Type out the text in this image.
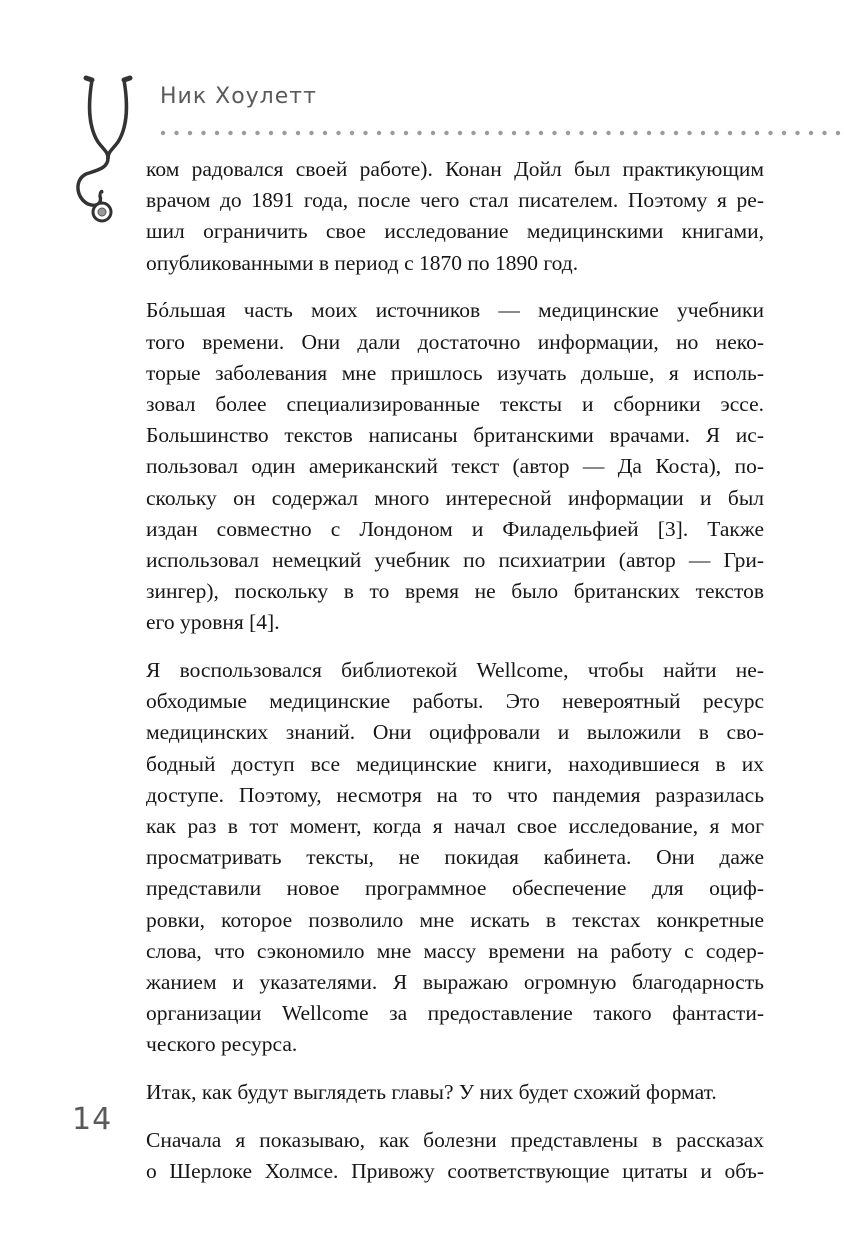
Ник Хоулетт

ком радовался своей работе). Конан Дойл был практикующим
врачом до 1891 года, после чего стал писателем. Поэтому я ре-
шил ограничить свое исследование медицинскими книгами,
опубликованными в период с 1870 по 1890 год.

Бóльшая часть моих источников — медицинские учебники
того времени. Они дали достаточно информации, но неко-
торые заболевания мне пришлось изучать дольше, я исполь-
зовал более специализированные тексты и сборники эссе.
Большинство текстов написаны британскими врачами. Я ис-
пользовал один американский текст (автор — Да Коста), по-
скольку он содержал много интересной информации и был
издан совместно с Лондоном и Филадельфией [3]. Также
использовал немецкий учебник по психиатрии (автор — Гри-
зингер), поскольку в то время не было британских текстов
его уровня [4].

Я воспользовался библиотекой Wellcome, чтобы найти не-
обходимые медицинские работы. Это невероятный ресурс
медицинских знаний. Они оцифровали и выложили в сво-
бодный доступ все медицинские книги, находившиеся в их
доступе. Поэтому, несмотря на то что пандемия разразилась
как раз в тот момент, когда я начал свое исследование, я мог
просматривать тексты, не покидая кабинета. Они даже
представили новое программное обеспечение для оциф-
ровки, которое позволило мне искать в текстах конкретные
слова, что сэкономило мне массу времени на работу с содер-
жанием и указателями. Я выражаю огромную благодарность
организации Wellcome за предоставление такого фантасти-
ческого ресурса.

Итак, как будут выглядеть главы? У них будет схожий формат.

Сначала я показываю, как болезни представлены в рассказах
о Шерлоке Холмсе. Привожу соответствующие цитаты и объ-

14
